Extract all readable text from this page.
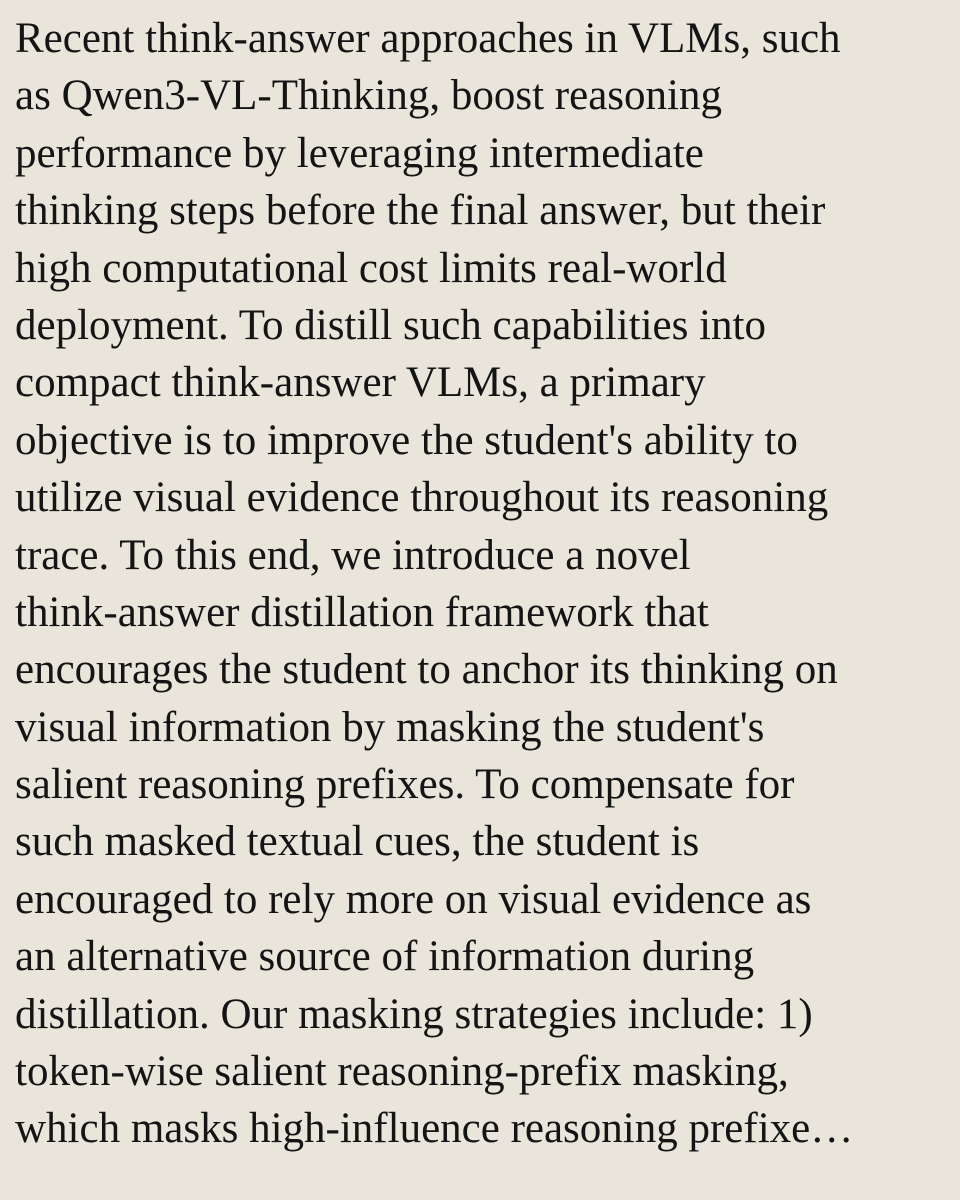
Recent think-answer approaches in VLMs, such
as Qwen3-VL-Thinking, boost reasoning
performance by leveraging intermediate
thinking steps before the final answer, but their
high computational cost limits real-world
deployment. To distill such capabilities into
compact think-answer VLMs, a primary
objective is to improve the student's ability to
utilize visual evidence throughout its reasoning
trace. To this end, we introduce a novel
think-answer distillation framework that
encourages the student to anchor its thinking on
visual information by masking the student's
salient reasoning prefixes. To compensate for
such masked textual cues, the student is
encouraged to rely more on visual evidence as
an alternative source of information during
distillation. Our masking strategies include: 1)
token-wise salient reasoning-prefix masking,
which masks high-influence reasoning prefixe…
